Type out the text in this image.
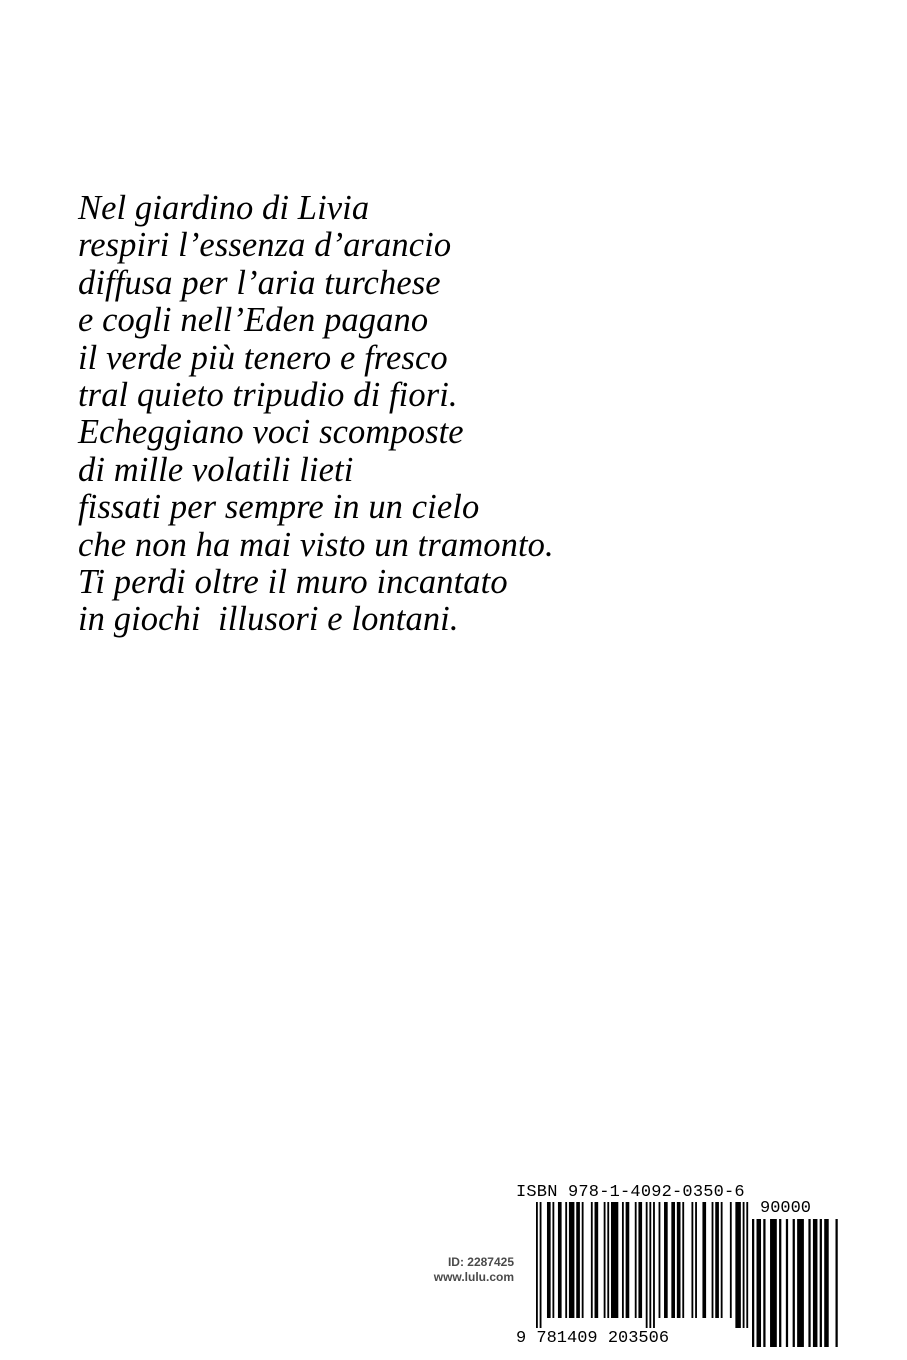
Nel giardino di Livia
respiri l’essenza d’arancio
diffusa per l’aria turchese
e cogli nell’Eden pagano
il verde più tenero e fresco
tral quieto tripudio di fiori.
Echeggiano voci scomposte
di mille volatili lieti
fissati per sempre in un cielo
che non ha mai visto un tramonto.
Ti perdi oltre il muro incantato
in giochi  illusori e lontani.
ID: 2287425
www.lulu.com
ISBN 978-1-4092-0350-6
9 781409 203506
90000
